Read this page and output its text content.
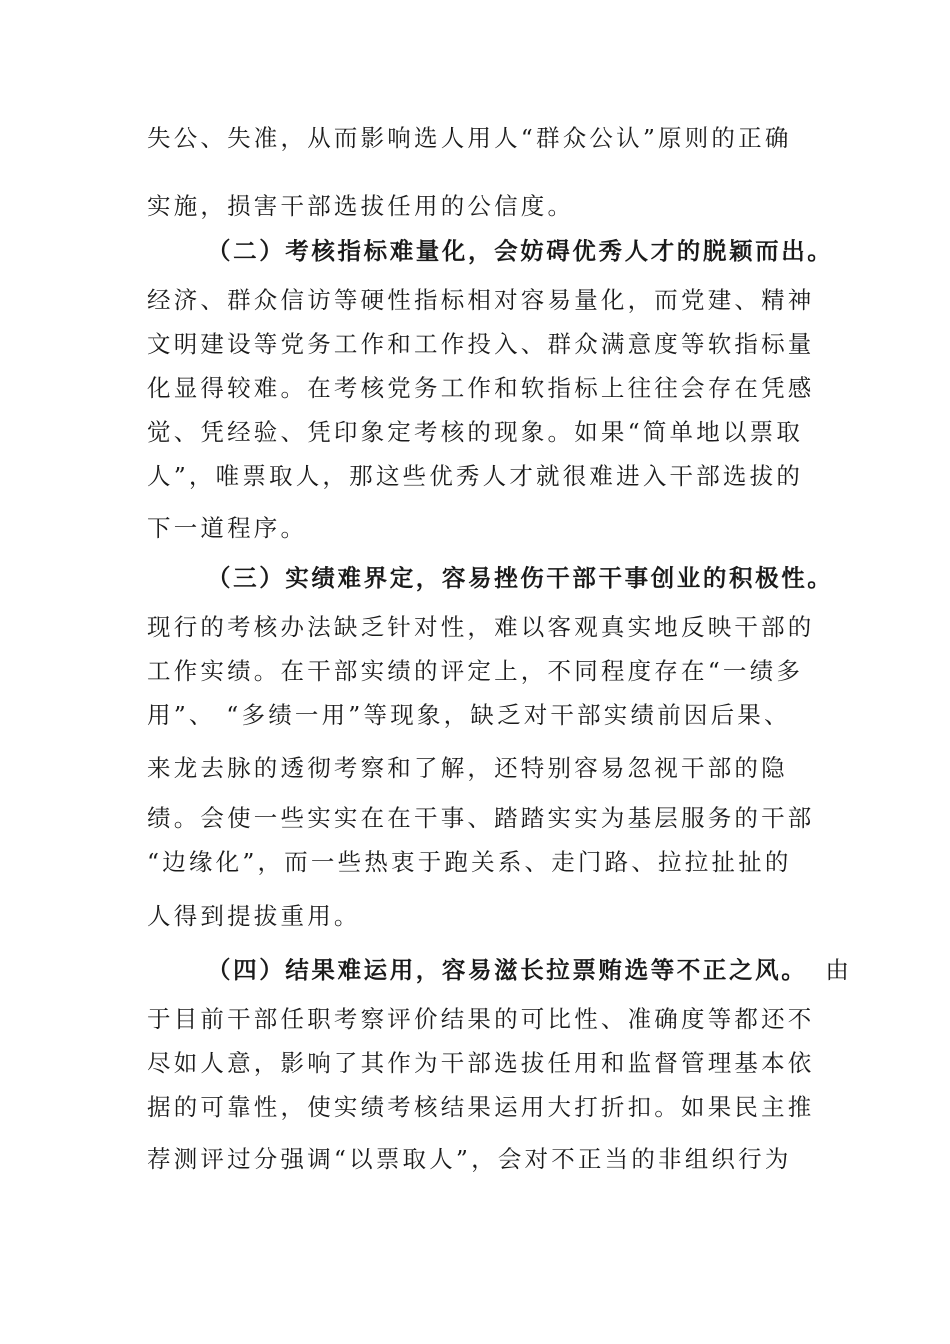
失公、失准，从而影响选人用人“群众公认”原则的正确
实施，损害干部选拔任用的公信度。
（二）考核指标难量化，会妨碍优秀人才的脱颖而出。
经济、群众信访等硬性指标相对容易量化，而党建、精神
文明建设等党务工作和工作投入、群众满意度等软指标量
化显得较难。在考核党务工作和软指标上往往会存在凭感
觉、凭经验、凭印象定考核的现象。如果“简单地以票取
人”，唯票取人，那这些优秀人才就很难进入干部选拔的
下一道程序。
（三）实绩难界定，容易挫伤干部干事创业的积极性。
现行的考核办法缺乏针对性，难以客观真实地反映干部的
工作实绩。在干部实绩的评定上，不同程度存在“一绩多
用”、 “多绩一用”等现象，缺乏对干部实绩前因后果、
来龙去脉的透彻考察和了解，还特别容易忽视干部的隐
绩。会使一些实实在在干事、踏踏实实为基层服务的干部
“边缘化”，而一些热衷于跑关系、走门路、拉拉扯扯的
人得到提拔重用。
（四）结果难运用，容易滋长拉票贿选等不正之风。 由
于目前干部任职考察评价结果的可比性、准确度等都还不
尽如人意，影响了其作为干部选拔任用和监督管理基本依
据的可靠性，使实绩考核结果运用大打折扣。如果民主推
荐测评过分强调“以票取人”，会对不正当的非组织行为
